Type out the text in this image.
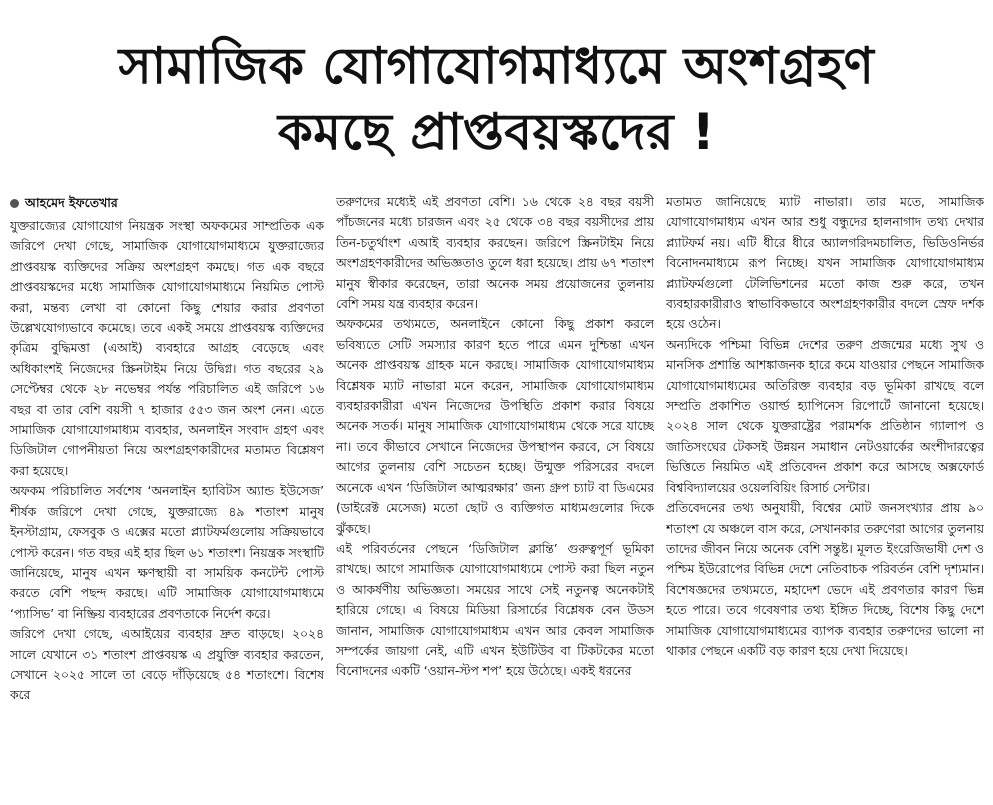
সামাজিক যোগাযোগমাধ্যমে অংশগ্রহণ
কমছে প্রাপ্তবয়স্কদের !
আহমেদ ইফতেখার

যুক্তরাজ্যের যোগাযোগ নিয়ন্ত্রক সংস্থা অফকমের সাম্প্রতিক এক জরিপে দেখা গেছে, সামাজিক যোগাযোগমাধ্যমে যুক্তরাজ্যের প্রাপ্তবয়স্ক ব্যক্তিদের সক্রিয় অংশগ্রহণ কমছে। গত এক বছরে প্রাপ্তবয়স্কদের মধ্যে সামাজিক যোগাযোগমাধ্যমে নিয়মিত পোস্ট করা, মন্তব্য লেখা বা কোনো কিছু শেয়ার করার প্রবণতা উল্লেখযোগ্যভাবে কমেছে। তবে একই সময়ে প্রাপ্তবয়স্ক ব্যক্তিদের কৃত্রিম বুদ্ধিমত্তা (এআই) ব্যবহারে আগ্রহ বেড়েছে এবং অধিকাংশই নিজেদের স্ক্রিনটাইম নিয়ে উদ্বিগ্ন। গত বছরের ২৯ সেপ্টেম্বর থেকে ২৮ নভেম্বর পর্যন্ত পরিচালিত এই জরিপে ১৬ বছর বা তার বেশি বয়সী ৭ হাজার ৫৫৩ জন অংশ নেন। এতে সামাজিক যোগাযোগমাধ্যম ব্যবহার, অনলাইন সংবাদ গ্রহণ এবং ডিজিটাল গোপনীয়তা নিয়ে অংশগ্রহণকারীদের মতামত বিশ্লেষণ করা হয়েছে।

অফকম পরিচালিত সর্বশেষ ‘অনলাইন হ্যাবিটস অ্যান্ড ইউসেজ’ শীর্ষক জরিপে দেখা গেছে, যুক্তরাজ্যে ৪৯ শতাংশ মানুষ ইনস্টাগ্রাম, ফেসবুক ও এক্সের মতো প্ল্যাটফর্মগুলোয় সক্রিয়ভাবে পোস্ট করেন। গত বছর এই হার ছিল ৬১ শতাংশ। নিয়ন্ত্রক সংস্থাটি জানিয়েছে, মানুষ এখন ক্ষণস্থায়ী বা সাময়িক কনটেন্ট পোস্ট করতে বেশি পছন্দ করছে। এটি সামাজিক যোগাযোগমাধ্যমে ‘প্যাসিভ’ বা নিষ্ক্রিয় ব্যবহারের প্রবণতাকে নির্দেশ করে।

জরিপে দেখা গেছে, এআইয়ের ব্যবহার দ্রুত বাড়ছে। ২০২৪ সালে যেখানে ৩১ শতাংশ প্রাপ্তবয়স্ক এ প্রযুক্তি ব্যবহার করতেন, সেখানে ২০২৫ সালে তা বেড়ে দাঁড়িয়েছে ৫৪ শতাংশে। বিশেষ করে

তরুণদের মধ্যেই এই প্রবণতা বেশি। ১৬ থেকে ২৪ বছর বয়সী পাঁচজনের মধ্যে চারজন এবং ২৫ থেকে ৩৪ বছর বয়সীদের প্রায় তিন-চতুর্থাংশ এআই ব্যবহার করছেন। জরিপে স্ক্রিনটাইম নিয়ে অংশগ্রহণকারীদের অভিজ্ঞতাও তুলে ধরা হয়েছে। প্রায় ৬৭ শতাংশ মানুষ স্বীকার করেছেন, তারা অনেক সময় প্রয়োজনের তুলনায় বেশি সময় যন্ত্র ব্যবহার করেন।

অফকমের তথ্যমতে, অনলাইনে কোনো কিছু প্রকাশ করলে ভবিষ্যতে সেটি সমস্যার কারণ হতে পারে এমন দুশ্চিন্তা এখন অনেক প্রাপ্তবয়স্ক গ্রাহক মনে করছে। সামাজিক যোগাযোগমাধ্যম বিশ্লেষক ম্যাট নাভারা মনে করেন, সামাজিক যোগাযোগমাধ্যম ব্যবহারকারীরা এখন নিজেদের উপস্থিতি প্রকাশ করার বিষয়ে অনেক সতর্ক। মানুষ সামাজিক যোগাযোগমাধ্যম থেকে সরে যাচ্ছে না। তবে কীভাবে সেখানে নিজেদের উপস্থাপন করবে, সে বিষয়ে আগের তুলনায় বেশি সচেতন হচ্ছে। উন্মুক্ত পরিসরের বদলে অনেকে এখন ‘ডিজিটাল আত্মরক্ষার’ জন্য গ্রুপ চ্যাট বা ডিএমের (ডাইরেক্ট মেসেজ) মতো ছোট ও ব্যক্তিগত মাধ্যমগুলোর দিকে ঝুঁকছে।

এই পরিবর্তনের পেছনে ‘ডিজিটাল ক্লান্তি’ গুরুত্বপূর্ণ ভূমিকা রাখছে। আগে সামাজিক যোগাযোগমাধ্যমে পোস্ট করা ছিল নতুন ও আকর্ষণীয় অভিজ্ঞতা। সময়ের সাথে সেই নতুনত্ব অনেকটাই হারিয়ে গেছে। এ বিষয়ে মিডিয়া রিসার্চের বিশ্লেষক বেন উডস জানান, সামাজিক যোগাযোগমাধ্যম এখন আর কেবল সামাজিক সম্পর্কের জায়গা নেই, এটি এখন ইউটিউব বা টিকটকের মতো বিনোদনের একটি ‘ওয়ান-স্টপ শপ’ হয়ে উঠেছে। একই ধরনের

মতামত জানিয়েছে ম্যাট নাভারা। তার মতে, সামাজিক যোগাযোগমাধ্যম এখন আর শুধু বন্ধুদের হালনাগাদ তথ্য দেখার প্ল্যাটফর্ম নয়। এটি ধীরে ধীরে অ্যালগরিদমচালিত, ভিডিওনির্ভর বিনোদনমাধ্যমে রূপ নিচ্ছে। যখন সামাজিক যোগাযোগমাধ্যম প্ল্যাটফর্মগুলো টেলিভিশনের মতো কাজ শুরু করে, তখন ব্যবহারকারীরাও স্বাভাবিকভাবে অংশগ্রহণকারীর বদলে স্রেফ দর্শক হয়ে ওঠেন।

অন্যদিকে পশ্চিমা বিভিন্ন দেশের তরুণ প্রজন্মের মধ্যে সুখ ও মানসিক প্রশান্তি আশঙ্কাজনক হারে কমে যাওয়ার পেছনে সামাজিক যোগাযোগমাধ্যমের অতিরিক্ত ব্যবহার বড় ভূমিকা রাখছে বলে সম্প্রতি প্রকাশিত ওয়ার্ল্ড হ্যাপিনেস রিপোর্টে জানানো হয়েছে। ২০২৪ সাল থেকে যুক্তরাষ্ট্রের পরামর্শক প্রতিষ্ঠান গ্যালাপ ও জাতিসংঘের টেকসই উন্নয়ন সমাধান নেটওয়ার্কের অংশীদারত্বের ভিত্তিতে নিয়মিত এই প্রতিবেদন প্রকাশ করে আসছে অক্সফোর্ড বিশ্ববিদ্যালয়ের ওয়েলবিয়িং রিসার্চ সেন্টার।

প্রতিবেদনের তথ্য অনুযায়ী, বিশ্বের মোট জনসংখ্যার প্রায় ৯০ শতাংশ যে অঞ্চলে বাস করে, সেখানকার তরুণেরা আগের তুলনায় তাদের জীবন নিয়ে অনেক বেশি সন্তুষ্ট। মূলত ইংরেজিভাষী দেশ ও পশ্চিম ইউরোপের বিভিন্ন দেশে নেতিবাচক পরিবর্তন বেশি দৃশ্যমান। বিশেষজ্ঞদের তথ্যমতে, মহাদেশ ভেদে এই প্রবণতার কারণ ভিন্ন হতে পারে। তবে গবেষণার তথ্য ইঙ্গিত দিচ্ছে, বিশেষ কিছু দেশে সামাজিক যোগাযোগমাধ্যমের ব্যাপক ব্যবহার তরুণদের ভালো না থাকার পেছনে একটি বড় কারণ হয়ে দেখা দিয়েছে।
